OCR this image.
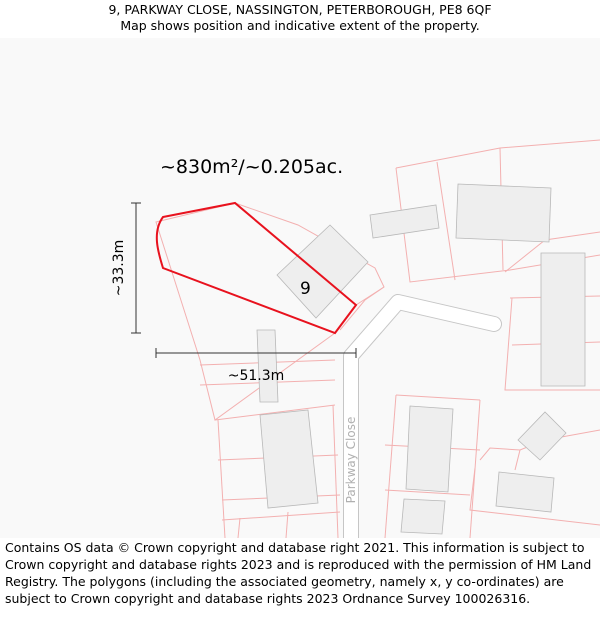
9, PARKWAY CLOSE, NASSINGTON, PETERBOROUGH, PE8 6QF
Map shows position and indicative extent of the property.
~830m²/~0.205ac.
9
~33.3m
~51.3m
Parkway Close
Contains OS data © Crown copyright and database right 2021. This information is subject to Crown copyright and database rights 2023 and is reproduced with the permission of HM Land Registry. The polygons (including the associated geometry, namely x, y co-ordinates) are subject to Crown copyright and database rights 2023 Ordnance Survey 100026316.
